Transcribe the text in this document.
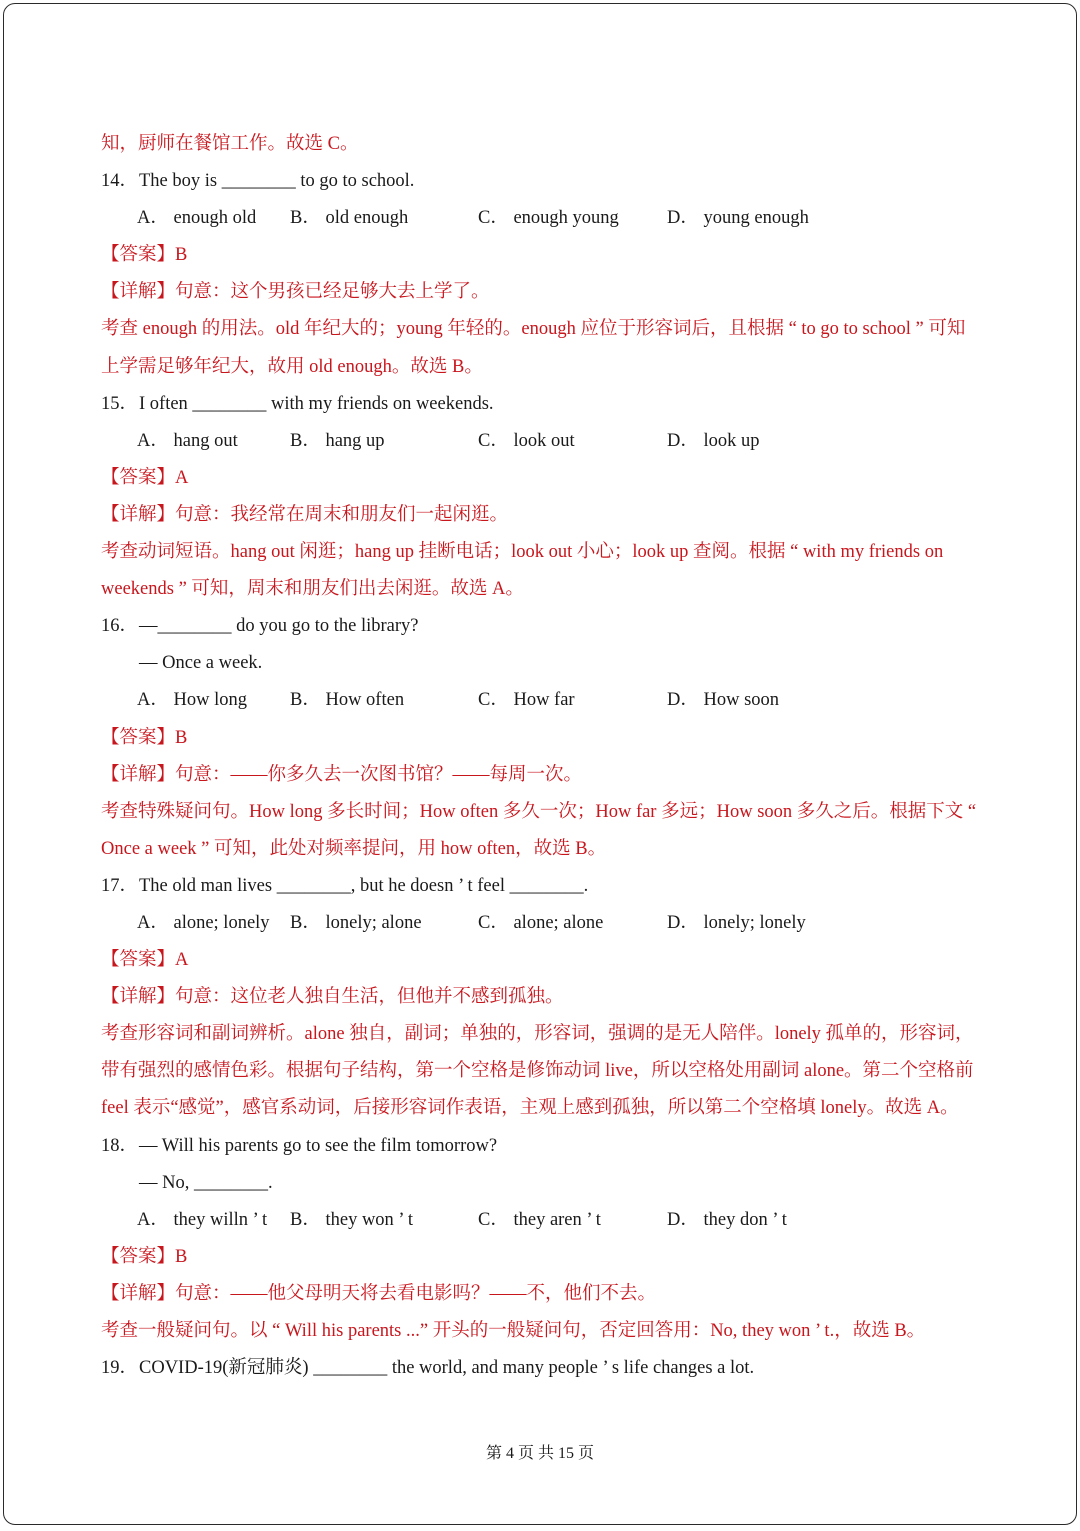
知，厨师在餐馆工作。故选 C。
14．The boy is ________ to go to school.
A． enough old B． old enough	C． enough young	D． young enough
【答案】B
【详解】句意：这个男孩已经足够大去上学了。
考查 enough 的用法。old 年纪大的；young 年轻的。enough 应位于形容词后，且根据 “ to go to school ” 可知
上学需足够年纪大，故用 old enough。故选 B。
15．I often ________ with my friends on weekends.
A． hang out	B． hang up	C． look out	D． look up
【答案】A
【详解】句意：我经常在周末和朋友们一起闲逛。
考查动词短语。hang out 闲逛；hang up 挂断电话；look out 小心；look up 查阅。根据 “ with my friends on
weekends ” 可知，周末和朋友们出去闲逛。故选 A。
16．—________ do you go to the library?
— Once a week.
A． How long B． How often	C． How far	D． How soon
【答案】B
【详解】句意：——你多久去一次图书馆？——每周一次。
考查特殊疑问句。How long 多长时间；How often 多久一次；How far 多远；How soon 多久之后。根据下文 “
Once a week ” 可知，此处对频率提问，用 how often，故选 B。
17．The old man lives ________, but he doesn ’ t feel ________.
A． alone; lonely B． lonely; alone	C． alone; alone	D． lonely; lonely
【答案】A
【详解】句意：这位老人独自生活，但他并不感到孤独。
考查形容词和副词辨析。alone 独自，副词；单独的，形容词，强调的是无人陪伴。lonely 孤单的，形容词，
带有强烈的感情色彩。根据句子结构，第一个空格是修饰动词 live，所以空格处用副词 alone。第二个空格前
feel 表示“感觉”，感官系动词，后接形容词作表语，主观上感到孤独，所以第二个空格填 lonely。故选 A。
18．— Will his parents go to see the film tomorrow?
— No, ________.
A． they willn ’ t B． they won ’ t	C． they aren ’ t	D． they don ’ t
【答案】B
【详解】句意：——他父母明天将去看电影吗？——不，他们不去。
考查一般疑问句。以 “ Will his parents ...” 开头的一般疑问句，否定回答用：No, they won ’ t.，故选 B。
19．COVID-19(新冠肺炎) ________ the world, and many people ’ s life changes a lot.
第 4 页 共 15 页
